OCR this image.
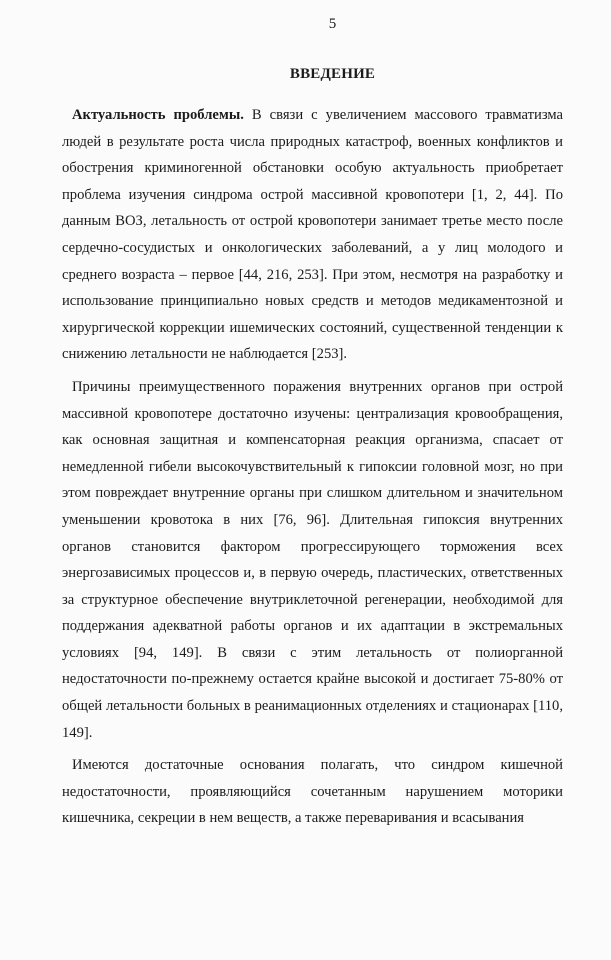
5
ВВЕДЕНИЕ

Актуальность проблемы. В связи с увеличением массового травматизма людей в результате роста числа природных катастроф, военных конфликтов и обострения криминогенной обстановки особую актуальность приобретает проблема изучения синдрома острой массивной кровопотери [1, 2, 44]. По данным ВОЗ, летальность от острой кровопотери занимает третье место после сердечно-сосудистых и онкологических заболеваний, а у лиц молодого и среднего возраста – первое [44, 216, 253]. При этом, несмотря на разработку и использование принципиально новых средств и методов медикаментозной и хирургической коррекции ишемических состояний, существенной тенденции к снижению летальности не наблюдается [253].

Причины преимущественного поражения внутренних органов при острой массивной кровопотере достаточно изучены: централизация кровообращения, как основная защитная и компенсаторная реакция организма, спасает от немедленной гибели высокочувствительный к гипоксии головной мозг, но при этом повреждает внутренние органы при слишком длительном и значительном уменьшении кровотока в них [76, 96]. Длительная гипоксия внутренних органов становится фактором прогрессирующего торможения всех энергозависимых процессов и, в первую очередь, пластических, ответственных за структурное обеспечение внутриклеточной регенерации, необходимой для поддержания адекватной работы органов и их адаптации в экстремальных условиях [94, 149]. В связи с этим летальность от полиорганной недостаточности по-прежнему остается крайне высокой и достигает 75-80% от общей летальности больных в реанимационных отделениях и стационарах [110, 149].

Имеются достаточные основания полагать, что синдром кишечной недостаточности, проявляющийся сочетанным нарушением моторики кишечника, секреции в нем веществ, а также переваривания и всасывания
